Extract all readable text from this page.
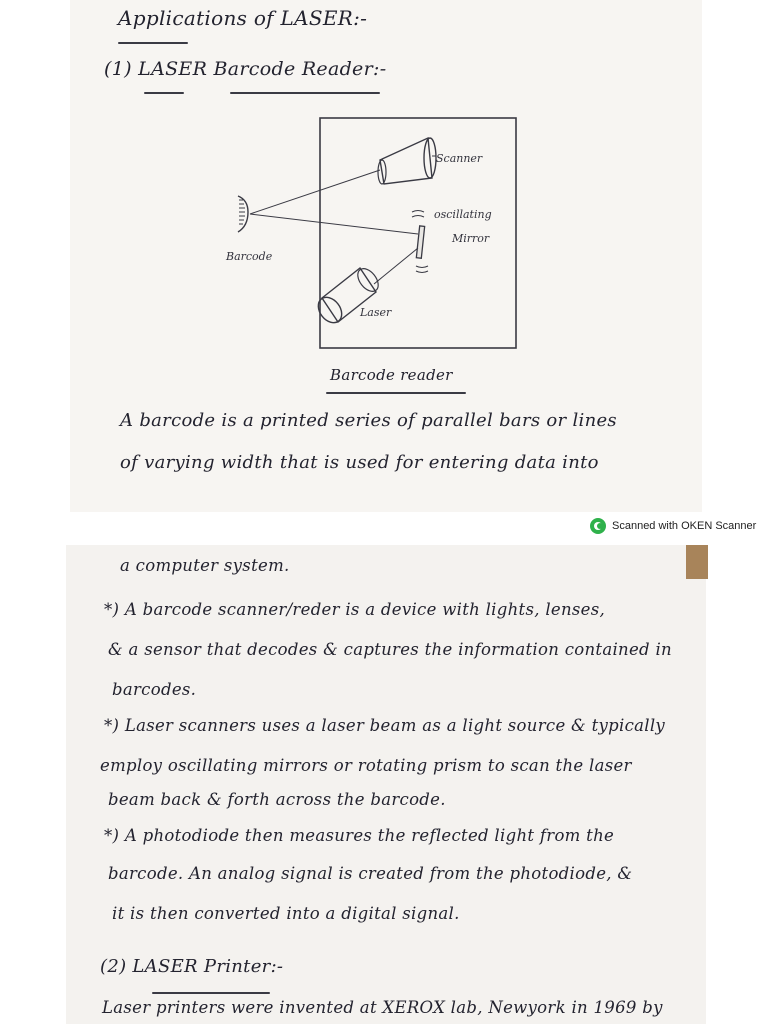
Applications of LASER:-
(1) LASER Barcode Reader:-
Scanner
oscillating
Mirror
Barcode
Laser
Barcode reader
A barcode is a printed series of parallel bars or lines
of varying width that is used for entering data into
Scanned with OKEN Scanner
a computer system.
*) A barcode scanner/reder is a device with lights, lenses,
& a sensor that decodes & captures the information contained in
barcodes.
*) Laser scanners uses a laser beam as a light source & typically
employ oscillating mirrors or rotating prism to scan the laser
beam back & forth across the barcode.
*) A photodiode then measures the reflected light from the
barcode. An analog signal is created from the photodiode, &
it is then converted into a digital signal.
(2) LASER Printer:-
Laser printers were invented at XEROX lab, Newyork in 1969 by
